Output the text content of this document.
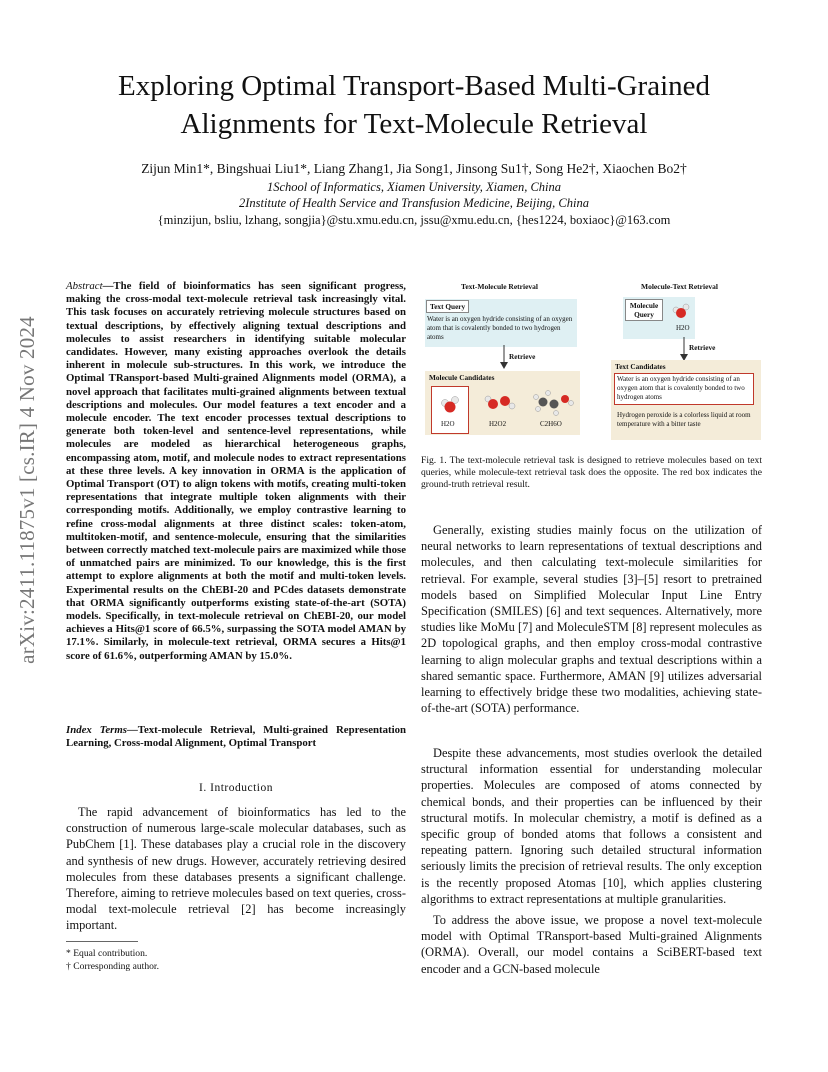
arXiv:2411.11875v1 [cs.IR] 4 Nov 2024
Exploring Optimal Transport-Based Multi-Grained
Alignments for Text-Molecule Retrieval
Zijun Min1*, Bingshuai Liu1*, Liang Zhang1, Jia Song1, Jinsong Su1†, Song He2†, Xiaochen Bo2†
1School of Informatics, Xiamen University, Xiamen, China
2Institute of Health Service and Transfusion Medicine, Beijing, China
{minzijun, bsliu, lzhang, songjia}@stu.xmu.edu.cn, jssu@xmu.edu.cn, {hes1224, boxiaoc}@163.com
Abstract—The field of bioinformatics has seen significant progress, making the cross-modal text-molecule retrieval task increasingly vital. This task focuses on accurately retrieving molecule structures based on textual descriptions, by effectively aligning textual descriptions and molecules to assist researchers in identifying suitable molecular candidates. However, many existing approaches overlook the details inherent in molecule sub-structures. In this work, we introduce the Optimal TRansport-based Multi-grained Alignments model (ORMA), a novel approach that facilitates multi-grained alignments between textual descriptions and molecules. Our model features a text encoder and a molecule encoder. The text encoder processes textual descriptions to generate both token-level and sentence-level representations, while molecules are modeled as hierarchical heterogeneous graphs, encompassing atom, motif, and molecule nodes to extract representations at these three levels. A key innovation in ORMA is the application of Optimal Transport (OT) to align tokens with motifs, creating multi-token representations that integrate multiple token alignments with their corresponding motifs. Additionally, we employ contrastive learning to refine cross-modal alignments at three distinct scales: token-atom, multitoken-motif, and sentence-molecule, ensuring that the similarities between correctly matched text-molecule pairs are maximized while those of unmatched pairs are minimized. To our knowledge, this is the first attempt to explore alignments at both the motif and multi-token levels. Experimental results on the ChEBI-20 and PCdes datasets demonstrate that ORMA significantly outperforms existing state-of-the-art (SOTA) models. Specifically, in text-molecule retrieval on ChEBI-20, our model achieves a Hits@1 score of 66.5%, surpassing the SOTA model AMAN by 17.1%. Similarly, in molecule-text retrieval, ORMA secures a Hits@1 score of 61.6%, outperforming AMAN by 15.0%.
Index Terms—Text-molecule Retrieval, Multi-grained Representation Learning, Cross-modal Alignment, Optimal Transport
I. Introduction
The rapid advancement of bioinformatics has led to the construction of numerous large-scale molecular databases, such as PubChem [1]. These databases play a crucial role in the discovery and synthesis of new drugs. However, accurately retrieving desired molecules from these databases presents a significant challenge. Therefore, aiming to retrieve molecules based on text queries, cross-modal text-molecule retrieval [2] has become increasingly important.
* Equal contribution.
† Corresponding author.
Text-Molecule Retrieval	Molecule-Text Retrieval
Text Query
Water is an oxygen hydride consisting of an oxygen atom that is covalently bonded to two hydrogen atoms
Retrieve
Molecule Candidates
H2O	H2O2	C2H6O
Molecule Query
H2O
Retrieve
Text Candidates
Water is an oxygen hydride consisting of an oxygen atom that is covalently bonded to two hydrogen atoms
Hydrogen peroxide is a colorless liquid at room temperature with a bitter taste
Fig. 1. The text-molecule retrieval task is designed to retrieve molecules based on text queries, while molecule-text retrieval task does the opposite. The red box indicates the ground-truth retrieval result.
Generally, existing studies mainly focus on the utilization of neural networks to learn representations of textual descriptions and molecules, and then calculating text-molecule similarities for retrieval. For example, several studies [3]–[5] resort to pretrained models based on Simplified Molecular Input Line Entry Specification (SMILES) [6] and text sequences. Alternatively, more studies like MoMu [7] and MoleculeSTM [8] represent molecules as 2D topological graphs, and then employ cross-modal contrastive learning to align molecular graphs and textual descriptions within a shared semantic space. Furthermore, AMAN [9] utilizes adversarial learning to effectively bridge these two modalities, achieving state-of-the-art (SOTA) performance.
Despite these advancements, most studies overlook the detailed structural information essential for understanding molecular properties. Molecules are composed of atoms connected by chemical bonds, and their properties can be influenced by their structural motifs. In molecular chemistry, a motif is defined as a specific group of bonded atoms that follows a consistent and repeating pattern. Ignoring such detailed structural information seriously limits the precision of retrieval results. The only exception is the recently proposed Atomas [10], which applies clustering algorithms to extract representations at multiple granularities.
To address the above issue, we propose a novel text-molecule model with Optimal TRansport-based Multi-grained Alignments (ORMA). Overall, our model contains a SciBERT-based text encoder and a GCN-based molecule
